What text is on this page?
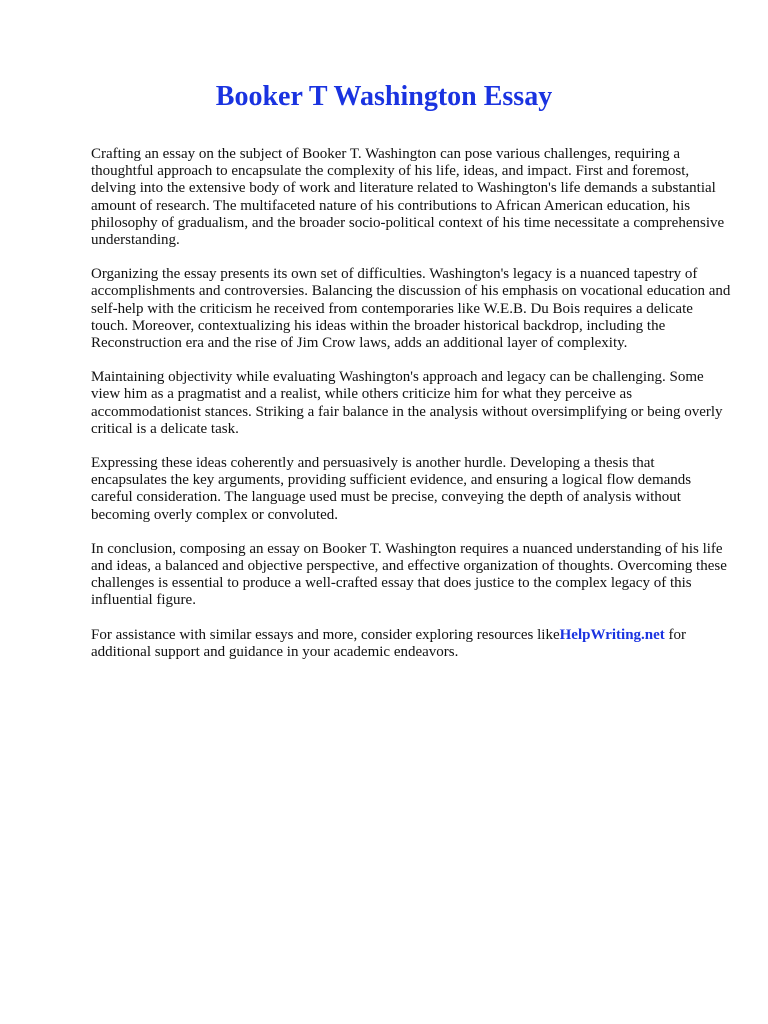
Booker T Washington Essay

Crafting an essay on the subject of Booker T. Washington can pose various challenges, requiring a thoughtful approach to encapsulate the complexity of his life, ideas, and impact. First and foremost, delving into the extensive body of work and literature related to Washington's life demands a substantial amount of research. The multifaceted nature of his contributions to African American education, his philosophy of gradualism, and the broader socio-political context of his time necessitate a comprehensive understanding.

Organizing the essay presents its own set of difficulties. Washington's legacy is a nuanced tapestry of accomplishments and controversies. Balancing the discussion of his emphasis on vocational education and self-help with the criticism he received from contemporaries like W.E.B. Du Bois requires a delicate touch. Moreover, contextualizing his ideas within the broader historical backdrop, including the Reconstruction era and the rise of Jim Crow laws, adds an additional layer of complexity.

Maintaining objectivity while evaluating Washington's approach and legacy can be challenging. Some view him as a pragmatist and a realist, while others criticize him for what they perceive as accommodationist stances. Striking a fair balance in the analysis without oversimplifying or being overly critical is a delicate task.

Expressing these ideas coherently and persuasively is another hurdle. Developing a thesis that encapsulates the key arguments, providing sufficient evidence, and ensuring a logical flow demands careful consideration. The language used must be precise, conveying the depth of analysis without becoming overly complex or convoluted.

In conclusion, composing an essay on Booker T. Washington requires a nuanced understanding of his life and ideas, a balanced and objective perspective, and effective organization of thoughts. Overcoming these challenges is essential to produce a well-crafted essay that does justice to the complex legacy of this influential figure.

For assistance with similar essays and more, consider exploring resources likeHelpWriting.net for additional support and guidance in your academic endeavors.
